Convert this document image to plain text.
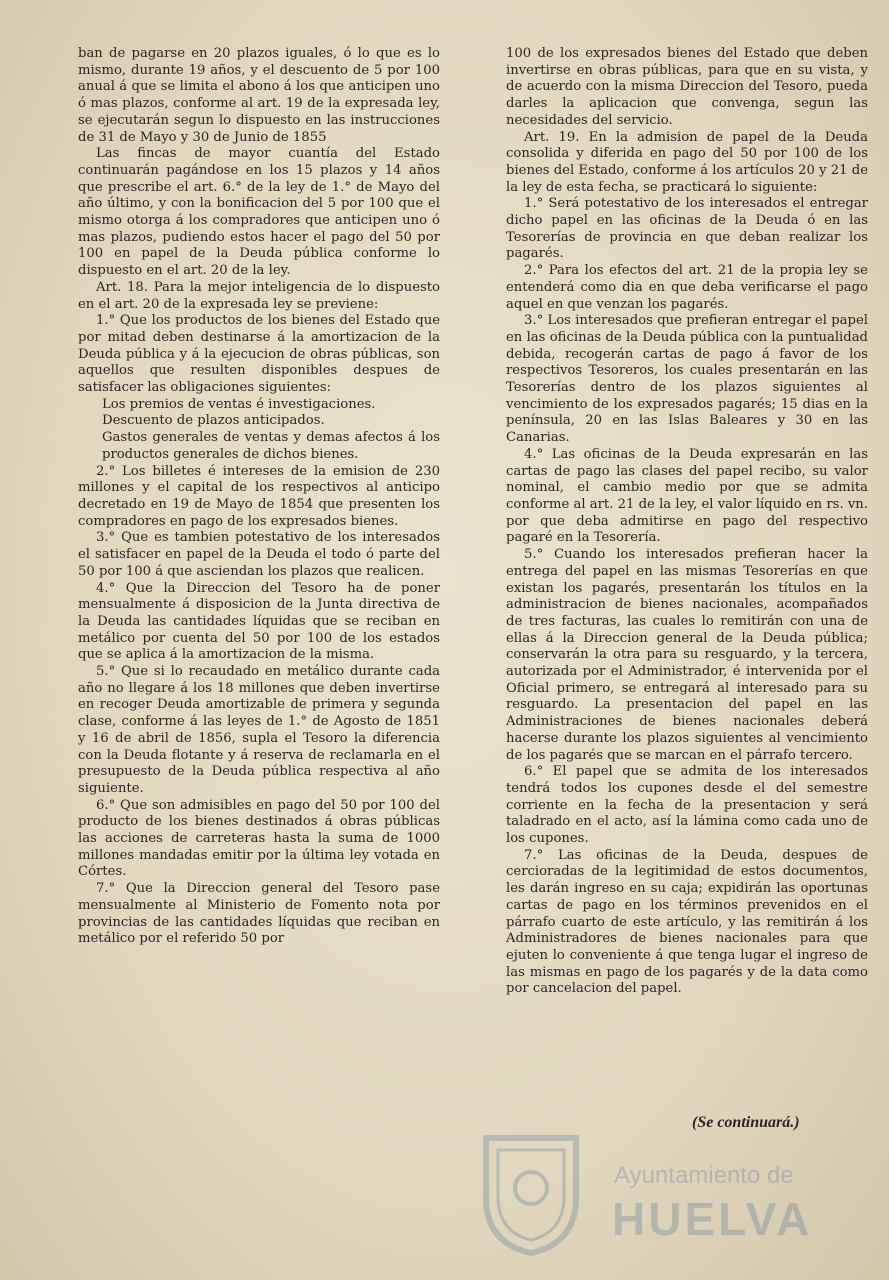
ban de pagarse en 20 plazos iguales, ó lo que es lo mismo, durante 19 años, y el descuento de 5 por 100 anual á que se limita el abono á los que anticipen uno ó mas plazos, conforme al art. 19 de la expresada ley, se ejecutarán segun lo dispuesto en las instrucciones de 31 de Mayo y 30 de Junio de 1855

Las fincas de mayor cuantía del Estado continuarán pagándose en los 15 plazos y 14 años que prescribe el art. 6.° de la ley de 1.° de Mayo del año último, y con la bonificacion del 5 por 100 que el mismo otorga á los compradores que anticipen uno ó mas plazos, pudiendo estos hacer el pago del 50 por 100 en papel de la Deuda pública conforme lo dispuesto en el art. 20 de la ley.

Art. 18. Para la mejor inteligencia de lo dispuesto en el art. 20 de la expresada ley se previene:

1.° Que los productos de los bienes del Estado que por mitad deben destinarse á la amortizacion de la Deuda pública y á la ejecucion de obras públicas, son aquellos que resulten disponibles despues de satisfacer las obligaciones siguientes:

Los premios de ventas é investigaciones.

Descuento de plazos anticipados.

Gastos generales de ventas y demas afectos á los productos generales de dichos bienes.

2.° Los billetes é intereses de la emision de 230 millones y el capital de los respectivos al anticipo decretado en 19 de Mayo de 1854 que presenten los compradores en pago de los expresados bienes.

3.° Que es tambien potestativo de los interesados el satisfacer en papel de la Deuda el todo ó parte del 50 por 100 á que asciendan los plazos que realicen.

4.° Que la Direccion del Tesoro ha de poner mensualmente á disposicion de la Junta directiva de la Deuda las cantidades líquidas que se reciban en metálico por cuenta del 50 por 100 de los estados que se aplica á la amortizacion de la misma.

5.° Que si lo recaudado en metálico durante cada año no llegare á los 18 millones que deben invertirse en recoger Deuda amortizable de primera y segunda clase, conforme á las leyes de 1.° de Agosto de 1851 y 16 de abril de 1856, supla el Tesoro la diferencia con la Deuda flotante y á reserva de reclamarla en el presupuesto de la Deuda pública respectiva al año siguiente.

6.° Que son admisibles en pago del 50 por 100 del producto de los bienes destinados á obras públicas las acciones de carreteras hasta la suma de 1000 millones mandadas emitir por la última ley votada en Córtes.

7.° Que la Direccion general del Tesoro pase mensualmente al Ministerio de Fomento nota por provincias de las cantidades líquidas que reciban en metálico por el referido 50 por

100 de los expresados bienes del Estado que deben invertirse en obras públicas, para que en su vista, y de acuerdo con la misma Direccion del Tesoro, pueda darles la aplicacion que convenga, segun las necesidades del servicio.

Art. 19. En la admision de papel de la Deuda consolida y diferida en pago del 50 por 100 de los bienes del Estado, conforme á los artículos 20 y 21 de la ley de esta fecha, se practicará lo siguiente:

1.° Será potestativo de los interesados el entregar dicho papel en las oficinas de la Deuda ó en las Tesorerías de provincia en que deban realizar los pagarés.

2.° Para los efectos del art. 21 de la propia ley se entenderá como dia en que deba verificarse el pago aquel en que venzan los pagarés.

3.° Los interesados que prefieran entregar el papel en las oficinas de la Deuda pública con la puntualidad debida, recogerán cartas de pago á favor de los respectivos Tesoreros, los cuales presentarán en las Tesorerías dentro de los plazos siguientes al vencimiento de los expresados pagarés; 15 dias en la península, 20 en las Islas Baleares y 30 en las Canarias.

4.° Las oficinas de la Deuda expresarán en las cartas de pago las clases del papel recibo, su valor nominal, el cambio medio por que se admita conforme al art. 21 de la ley, el valor líquido en rs. vn. por que deba admitirse en pago del respectivo pagaré en la Tesorería.

5.° Cuando los interesados prefieran hacer la entrega del papel en las mismas Tesorerías en que existan los pagarés, presentarán los títulos en la administracion de bienes nacionales, acompañados de tres facturas, las cuales lo remitirán con una de ellas á la Direccion general de la Deuda pública; conservarán la otra para su resguardo, y la tercera, autorizada por el Administrador, é intervenida por el Oficial primero, se entregará al interesado para su resguardo. La presentacion del papel en las Administraciones de bienes nacionales deberá hacerse durante los plazos siguientes al vencimiento de los pagarés que se marcan en el párrafo tercero.

6.° El papel que se admita de los interesados tendrá todos los cupones desde el del semestre corriente en la fecha de la presentacion y será taladrado en el acto, así la lámina como cada uno de los cupones.

7.° Las oficinas de la Deuda, despues de cercioradas de la legitimidad de estos documentos, les darán ingreso en su caja; expidirán las oportunas cartas de pago en los términos prevenidos en el párrafo cuarto de este artículo, y las remitirán á los Administradores de bienes nacionales para que ejuten lo conveniente á que tenga lugar el ingreso de las mismas en pago de los pagarés y de la data como por cancelacion del papel.

(Se continuará.)
Ayuntamiento de
HUELVA
